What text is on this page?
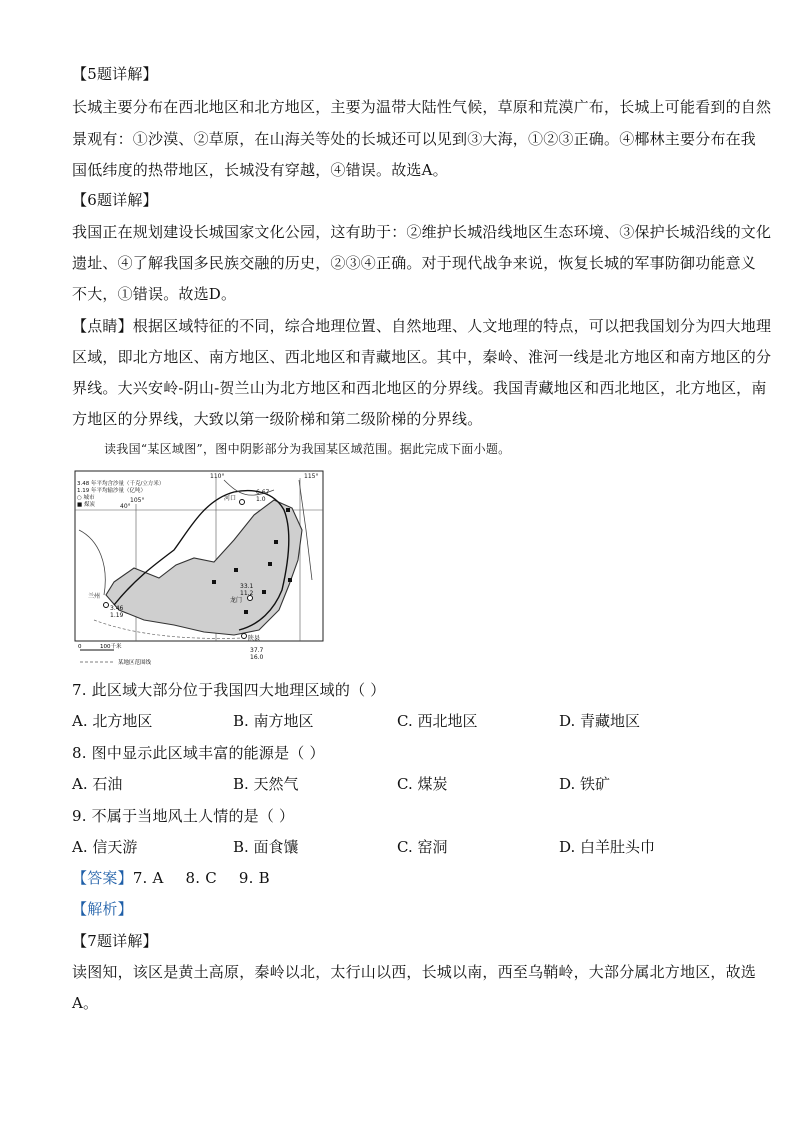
【5题详解】
长城主要分布在西北地区和北方地区，主要为温带大陆性气候，草原和荒漠广布，长城上可能看到的自然
景观有：①沙漠、②草原，在山海关等处的长城还可以见到③大海，①②③正确。④椰林主要分布在我
国低纬度的热带地区，长城没有穿越，④错误。故选A。
【6题详解】
我国正在规划建设长城国家文化公园，这有助于：②维护长城沿线地区生态环境、③保护长城沿线的文化
遗址、④了解我国多民族交融的历史，②③④正确。对于现代战争来说，恢复长城的军事防御功能意义
不大，①错误。故选D。
【点睛】根据区域特征的不同，综合地理位置、自然地理、人文地理的特点，可以把我国划分为四大地理
区域，即北方地区、南方地区、西北地区和青藏地区。其中，秦岭、淮河一线是北方地区和南方地区的分
界线。大兴安岭-阴山-贺兰山为北方地区和西北地区的分界线。我国青藏地区和西北地区，北方地区，南
方地区的分界线，大致以第一级阶梯和第二级阶梯的分界线。
读我国“某区域图”，图中阴影部分为我国某区域范围。据此完成下面小题。
3.48 年平均含沙量（千克/立方米）
1.19 年平均输沙量（亿吨）
○ 城市
■ 煤炭
110°	115°
105°
40°
河口
龙门
兰州
陕县
6.67
1.0
33.1
11.2
3.46
1.19
37.7
16.0
0	100千米
某地区范围线
7. 此区域大部分位于我国四大地理区域的（ ）
A. 北方地区	B. 南方地区	C. 西北地区	D. 青藏地区
8. 图中显示此区域丰富的能源是（ ）
A. 石油	B. 天然气	C. 煤炭	D. 铁矿
9. 不属于当地风土人情的是（ ）
A. 信天游	B. 面食馕	C. 窑洞	D. 白羊肚头巾
【答案】7. A 8. C 9. B
【解析】
【7题详解】
读图知，该区是黄土高原，秦岭以北，太行山以西，长城以南，西至乌鞘岭，大部分属北方地区，故选
A。
